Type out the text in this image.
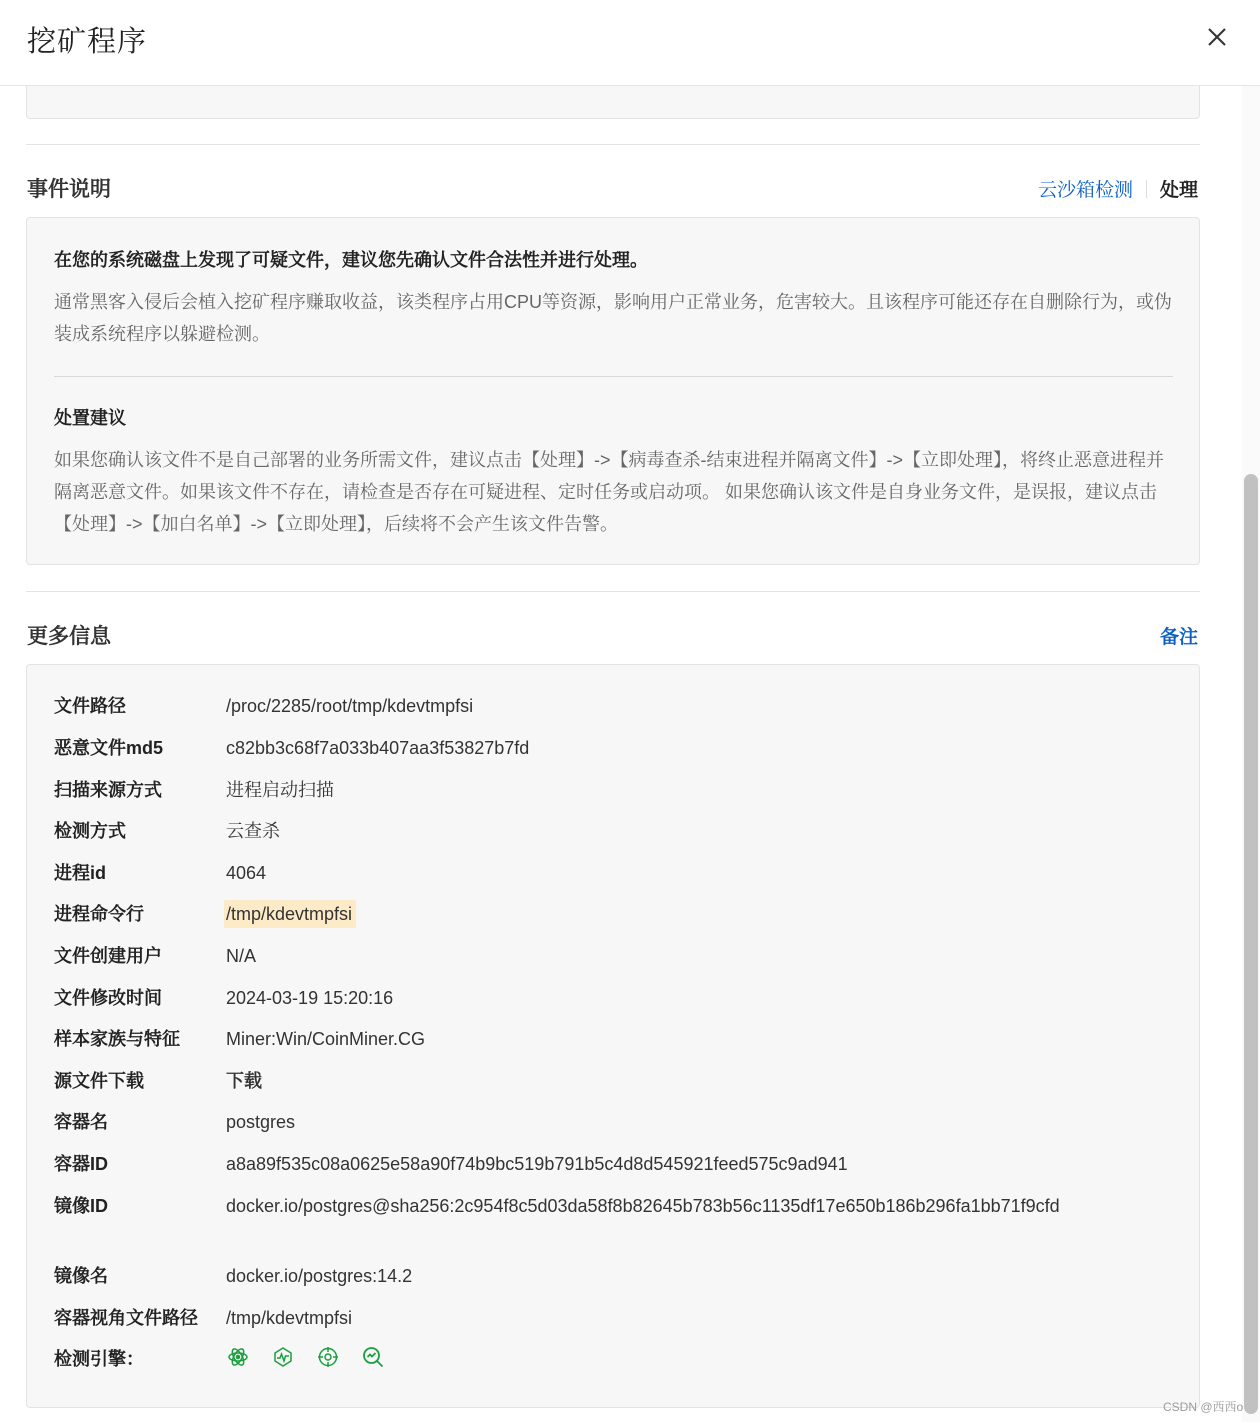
挖矿程序
事件说明	云沙箱检测 处理
在您的系统磁盘上发现了可疑文件，建议您先确认文件合法性并进行处理。
通常黑客入侵后会植入挖矿程序赚取收益，该类程序占用CPU等资源，影响用户正常业务，危害较大。且该程序可能还存在自删除行为，或伪装成系统程序以躲避检测。
处置建议
如果您确认该文件不是自己部署的业务所需文件，建议点击【处理】->【病毒查杀-结束进程并隔离文件】->【立即处理】，将终止恶意进程并隔离恶意文件。如果该文件不存在，请检查是否存在可疑进程、定时任务或启动项。 如果您确认该文件是自身业务文件，是误报，建议点击【处理】->【加白名单】->【立即处理】，后续将不会产生该文件告警。
更多信息	备注
文件路径	/proc/2285/root/tmp/kdevtmpfsi
恶意文件md5	c82bb3c68f7a033b407aa3f53827b7fd
扫描来源方式	进程启动扫描
检测方式	云查杀
进程id	4064
进程命令行	/tmp/kdevtmpfsi
文件创建用户	N/A
文件修改时间	2024-03-19 15:20:16
样本家族与特征	Miner:Win/CoinMiner.CG
源文件下载	下载
容器名	postgres
容器ID	a8a89f535c08a0625e58a90f74b9bc519b791b5c4d8d545921feed575c9ad941
镜像ID	docker.io/postgres@sha256:2c954f8c5d03da58f8b82645b783b56c1135df17e650b186b296fa1bb71f9cfd
镜像名	docker.io/postgres:14.2
容器视角文件路径	/tmp/kdevtmpfsi
检测引擎：
CSDN @西西o
